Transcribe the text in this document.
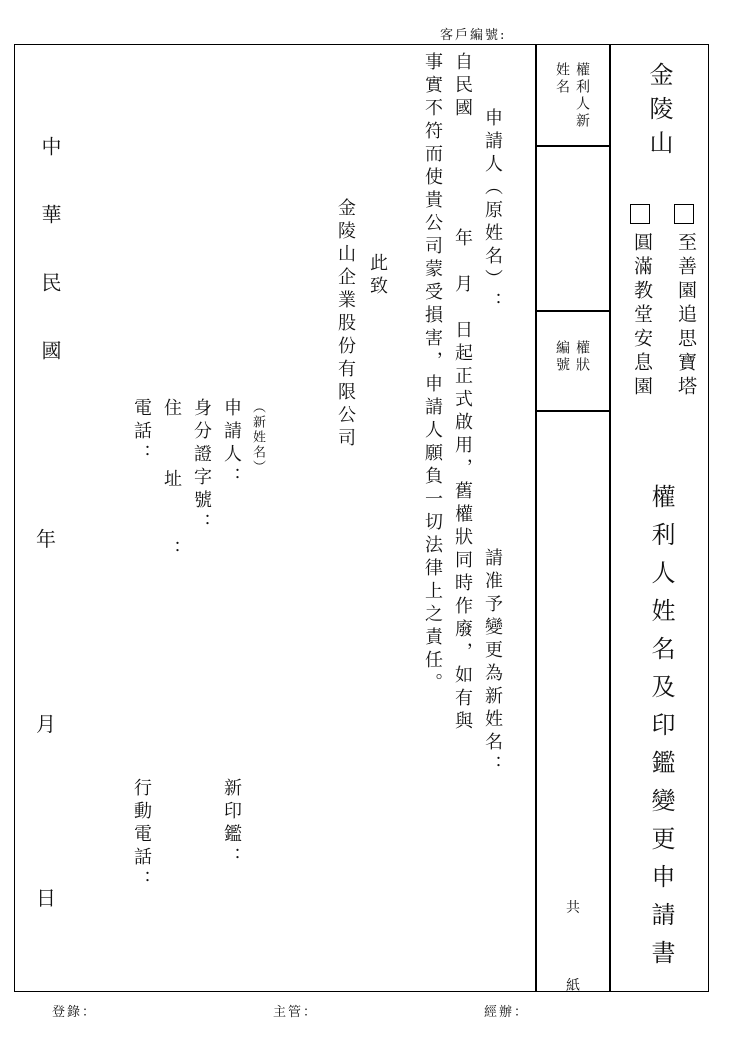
客戶編號:
金陵山
至善園追思寶塔
圓滿教堂安息園
權利人姓名及印鑑變更申請書
權利人新姓名
權狀編號
共
紙
申請人（原姓名）：
自民國
年　月　日起正式啟用，舊權狀同時作廢，如有與 請准予變更為新姓名：
事實不符而使貴公司蒙受損害，申請人願負一切法律上之責任。
此致
金陵山企業股份有限公司
（新姓名）
申請人：
身分證字號：
住址：
電話：
新印鑑：
行動電話：
中華民國
年
月
日
登錄：	主管：	經辦：
